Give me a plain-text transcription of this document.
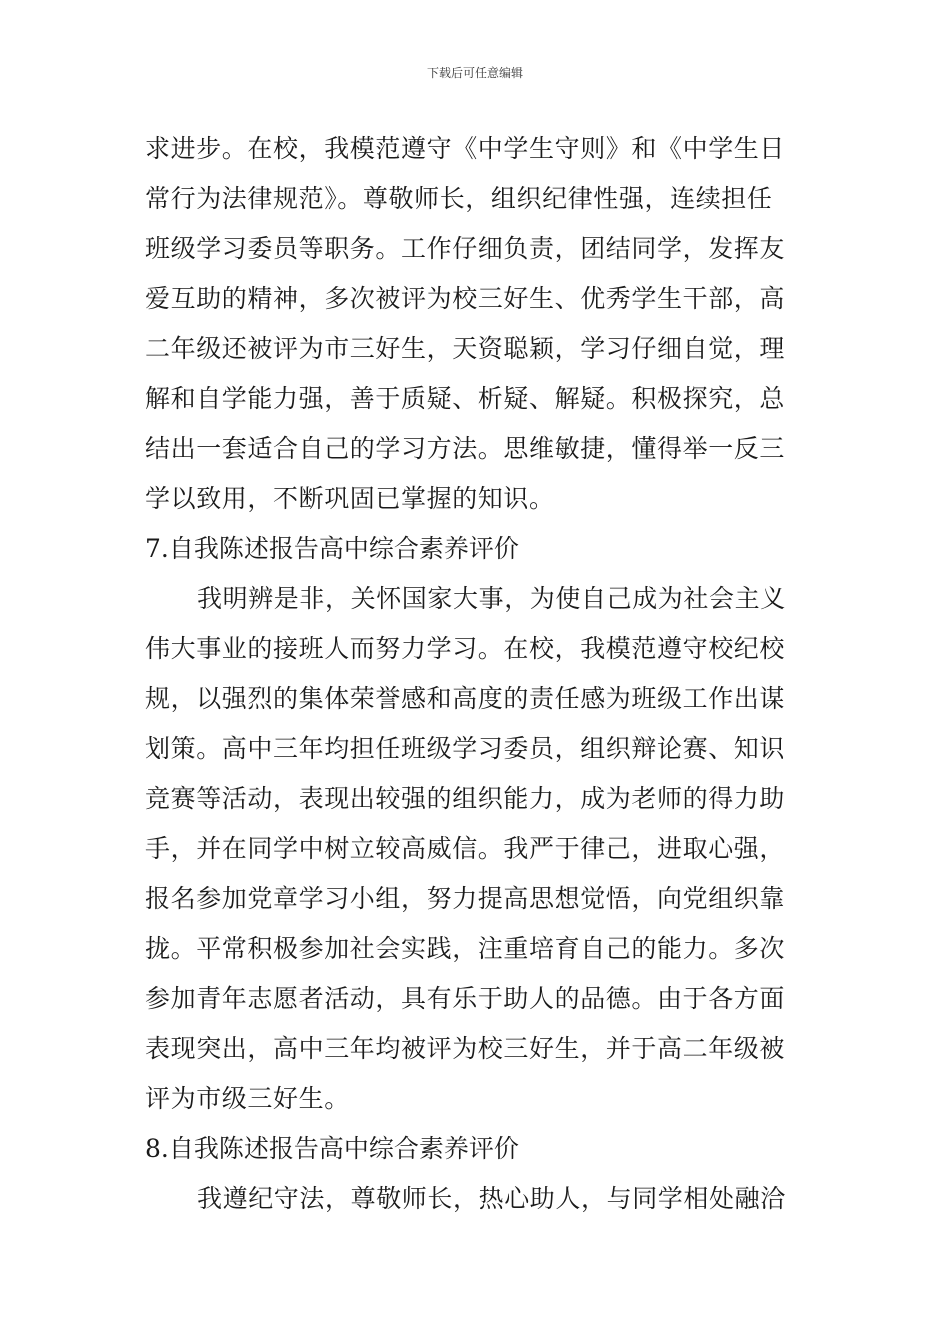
下载后可任意编辑
求进步。在校，我模范遵守《中学生守则》和《中学生日
常行为法律规范》。尊敬师长，组织纪律性强，连续担任
班级学习委员等职务。工作仔细负责，团结同学，发挥友
爱互助的精神，多次被评为校三好生、优秀学生干部，高
二年级还被评为市三好生，天资聪颖，学习仔细自觉，理
解和自学能力强，善于质疑、析疑、解疑。积极探究，总
结出一套适合自己的学习方法。思维敏捷，懂得举一反三
学以致用，不断巩固已掌握的知识。
7.自我陈述报告高中综合素养评价
我明辨是非，关怀国家大事，为使自己成为社会主义
伟大事业的接班人而努力学习。在校，我模范遵守校纪校
规，以强烈的集体荣誉感和高度的责任感为班级工作出谋
划策。高中三年均担任班级学习委员，组织辩论赛、知识
竞赛等活动，表现出较强的组织能力，成为老师的得力助
手，并在同学中树立较高威信。我严于律己，进取心强，
报名参加党章学习小组，努力提高思想觉悟，向党组织靠
拢。平常积极参加社会实践，注重培育自己的能力。多次
参加青年志愿者活动，具有乐于助人的品德。由于各方面
表现突出，高中三年均被评为校三好生，并于高二年级被
评为市级三好生。
8.自我陈述报告高中综合素养评价
我遵纪守法，尊敬师长，热心助人，与同学相处融洽
